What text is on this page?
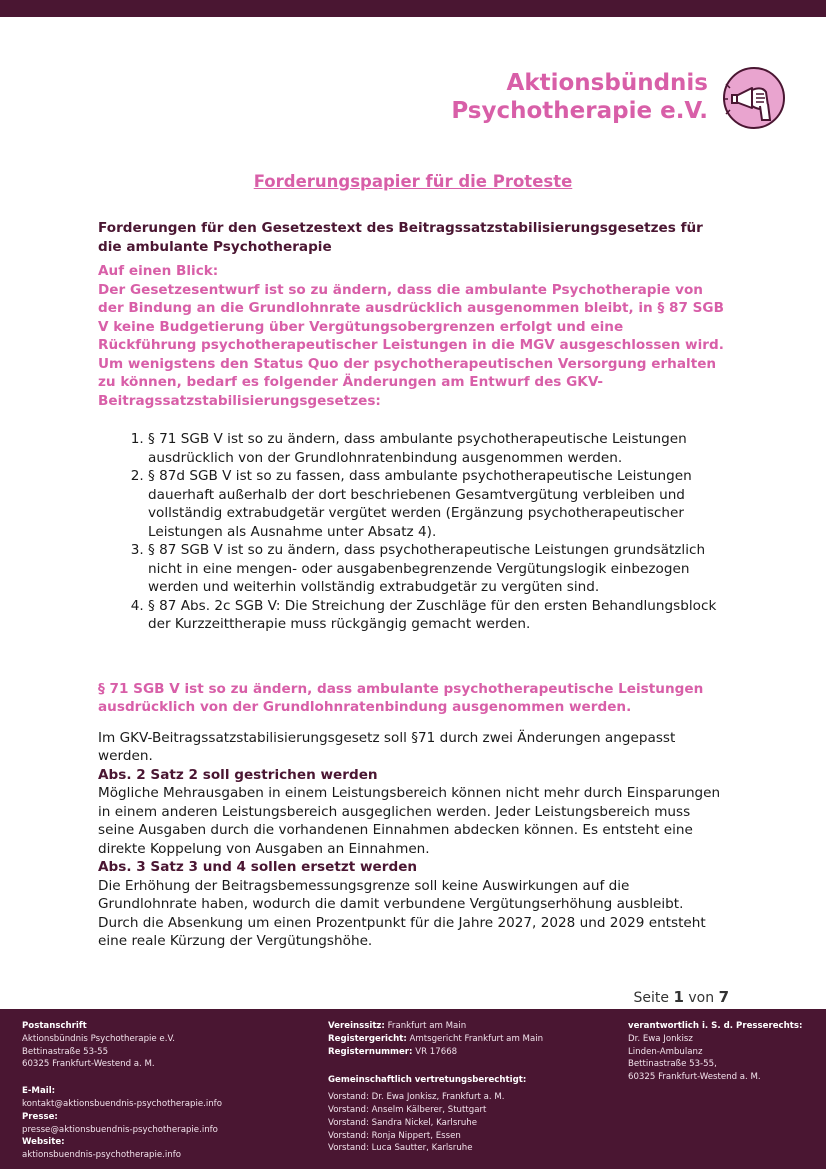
Aktionsbündnis
Psychotherapie e.V.
Forderungspapier für die Proteste

Forderungen für den Gesetzestext des Beitragssatzstabilisierungsgesetzes für die ambulante Psychotherapie

Auf einen Blick:

Der Gesetzesentwurf ist so zu ändern, dass die ambulante Psychotherapie von der Bindung an die Grundlohnrate ausdrücklich ausgenommen bleibt, in § 87 SGB V keine Budgetierung über Vergütungsobergrenzen erfolgt und eine Rückführung psychotherapeutischer Leistungen in die MGV ausgeschlossen wird.

Um wenigstens den Status Quo der psychotherapeutischen Versorgung erhalten zu können, bedarf es folgender Änderungen am Entwurf des GKV-Beitragssatzstabilisierungsgesetzes:

1. § 71 SGB V ist so zu ändern, dass ambulante psychotherapeutische Leistungen ausdrücklich von der Grundlohnratenbindung ausgenommen werden.
2. § 87d SGB V ist so zu fassen, dass ambulante psychotherapeutische Leistungen dauerhaft außerhalb der dort beschriebenen Gesamtvergütung verbleiben und vollständig extrabudgetär vergütet werden (Ergänzung psychotherapeutischer Leistungen als Ausnahme unter Absatz 4).
3. § 87 SGB V ist so zu ändern, dass psychotherapeutische Leistungen grundsätzlich nicht in eine mengen- oder ausgabenbegrenzende Vergütungslogik einbezogen werden und weiterhin vollständig extrabudgetär zu vergüten sind.
4. § 87 Abs. 2c SGB V: Die Streichung der Zuschläge für den ersten Behandlungsblock der Kurzzeittherapie muss rückgängig gemacht werden.

§ 71 SGB V ist so zu ändern, dass ambulante psychotherapeutische Leistungen ausdrücklich von der Grundlohnratenbindung ausgenommen werden.

Im GKV-Beitragssatzstabilisierungsgesetz soll §71 durch zwei Änderungen angepasst werden.

Abs. 2 Satz 2 soll gestrichen werden

Mögliche Mehrausgaben in einem Leistungsbereich können nicht mehr durch Einsparungen in einem anderen Leistungsbereich ausgeglichen werden. Jeder Leistungsbereich muss seine Ausgaben durch die vorhandenen Einnahmen abdecken können. Es entsteht eine direkte Koppelung von Ausgaben an Einnahmen.

Abs. 3 Satz 3 und 4 sollen ersetzt werden

Die Erhöhung der Beitragsbemessungsgrenze soll keine Auswirkungen auf die Grundlohnrate haben, wodurch die damit verbundene Vergütungserhöhung ausbleibt.

Durch die Absenkung um einen Prozentpunkt für die Jahre 2027, 2028 und 2029 entsteht eine reale Kürzung der Vergütungshöhe.

Seite 1 von 7
Postanschrift
Aktionsbündnis Psychotherapie e.V.
Bettinastraße 53-55
60325 Frankfurt-Westend a. M.
E-Mail:
kontakt@aktionsbuendnis-psychotherapie.info
Presse:
presse@aktionsbuendnis-psychotherapie.info
Website:
aktionsbuendnis-psychotherapie.info
Vereinssitz: Frankfurt am Main
Registergericht: Amtsgericht Frankfurt am Main
Registernummer: VR 17668
Gemeinschaftlich vertretungsberechtigt:
Vorstand: Dr. Ewa Jonkisz, Frankfurt a. M.
Vorstand: Anselm Kälberer, Stuttgart
Vorstand: Sandra Nickel, Karlsruhe
Vorstand: Ronja Nippert, Essen
Vorstand: Luca Sautter, Karlsruhe
verantwortlich i. S. d. Presserechts:
Dr. Ewa Jonkisz
Linden-Ambulanz
Bettinastraße 53-55,
60325 Frankfurt-Westend a. M.
